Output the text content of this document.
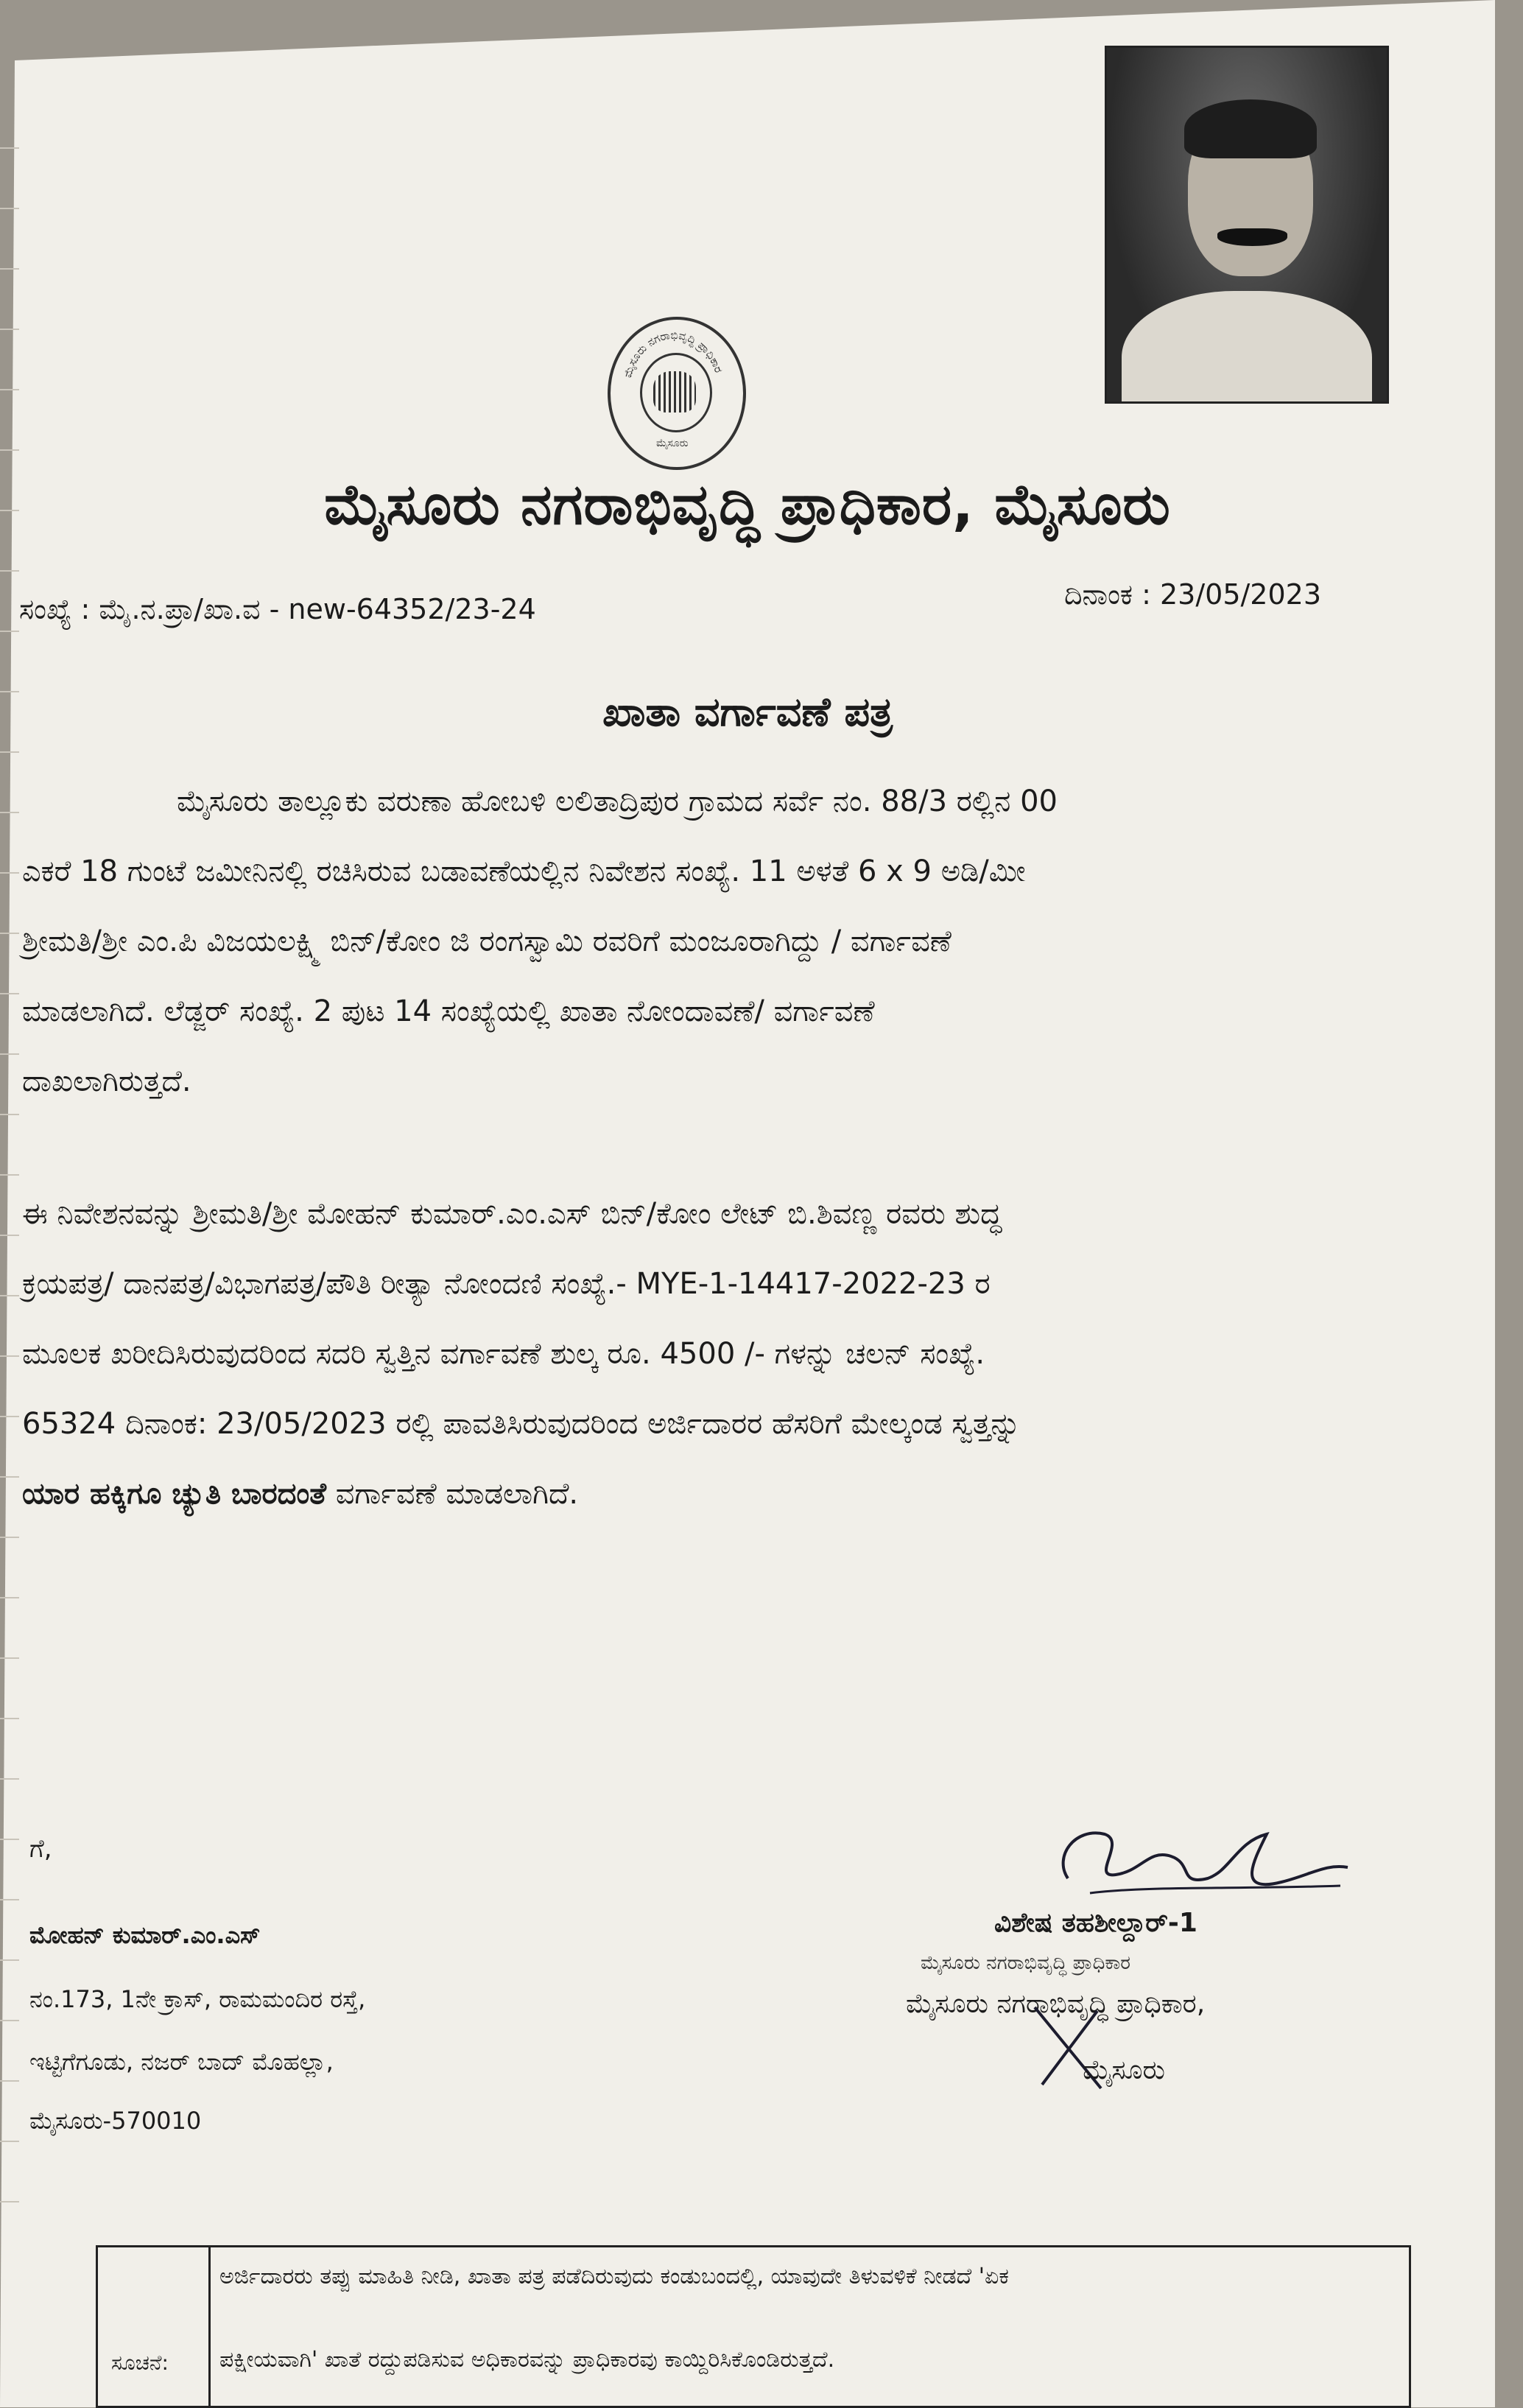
ಮೈಸೂರು ನಗರಾಭಿವೃದ್ಧಿ ಪ್ರಾಧಿಕಾರ
ಮೈಸೂರು
ಮೈಸೂರು ನಗರಾಭಿವೃದ್ಧಿ ಪ್ರಾಧಿಕಾರ, ಮೈಸೂರು
ಸಂಖ್ಯೆ : ಮೈ.ನ.ಪ್ರಾ/ಖಾ.ವ - new-64352/23-24	ದಿನಾಂಕ : 23/05/2023
ಖಾತಾ ವರ್ಗಾವಣೆ ಪತ್ರ
ಮೈಸೂರು ತಾಲ್ಲೂಕು ವರುಣಾ ಹೋಬಳಿ ಲಲಿತಾದ್ರಿಪುರ ಗ್ರಾಮದ ಸರ್ವೆ ನಂ. 88/3 ರಲ್ಲಿನ 00
ಎಕರೆ 18 ಗುಂಟೆ ಜಮೀನಿನಲ್ಲಿ ರಚಿಸಿರುವ ಬಡಾವಣೆಯಲ್ಲಿನ ನಿವೇಶನ ಸಂಖ್ಯೆ. 11 ಅಳತೆ 6 x 9 ಅಡಿ/ಮೀ
ಶ್ರೀಮತಿ/ಶ್ರೀ ಎಂ.ಪಿ ವಿಜಯಲಕ್ಷ್ಮಿ ಬಿನ್/ಕೋಂ ಜಿ ರಂಗಸ್ವಾಮಿ ರವರಿಗೆ ಮಂಜೂರಾಗಿದ್ದು / ವರ್ಗಾವಣೆ
ಮಾಡಲಾಗಿದೆ. ಲೆಡ್ಜರ್ ಸಂಖ್ಯೆ. 2 ಪುಟ 14 ಸಂಖ್ಯೆಯಲ್ಲಿ ಖಾತಾ ನೋಂದಾವಣೆ/ ವರ್ಗಾವಣೆ
ದಾಖಲಾಗಿರುತ್ತದೆ.
ಈ ನಿವೇಶನವನ್ನು ಶ್ರೀಮತಿ/ಶ್ರೀ ಮೋಹನ್ ಕುಮಾರ್.ಎಂ.ಎಸ್ ಬಿನ್/ಕೋಂ ಲೇಟ್ ಬಿ.ಶಿವಣ್ಣ ರವರು ಶುದ್ಧ
ಕ್ರಯಪತ್ರ/ ದಾನಪತ್ರ/ವಿಭಾಗಪತ್ರ/ಪೌತಿ ರೀತ್ಯಾ ನೋಂದಣಿ ಸಂಖ್ಯೆ.- MYE-1-14417-2022-23 ರ
ಮೂಲಕ ಖರೀದಿಸಿರುವುದರಿಂದ ಸದರಿ ಸ್ವತ್ತಿನ ವರ್ಗಾವಣೆ ಶುಲ್ಕ ರೂ. 4500 /- ಗಳನ್ನು ಚಲನ್ ಸಂಖ್ಯೆ.
65324 ದಿನಾಂಕ: 23/05/2023 ರಲ್ಲಿ ಪಾವತಿಸಿರುವುದರಿಂದ ಅರ್ಜಿದಾರರ ಹೆಸರಿಗೆ ಮೇಲ್ಕಂಡ ಸ್ವತ್ತನ್ನು
ಯಾರ ಹಕ್ಕಿಗೂ ಚ್ಯುತಿ ಬಾರದಂತೆ ವರ್ಗಾವಣೆ ಮಾಡಲಾಗಿದೆ.
ಗೆ,
ಮೋಹನ್ ಕುಮಾರ್.ಎಂ.ಎಸ್
ನಂ.173, 1ನೇ ಕ್ರಾಸ್, ರಾಮಮಂದಿರ ರಸ್ತೆ,
ಇಟ್ಟಿಗೆಗೂಡು, ನಜರ್ ಬಾದ್ ಮೊಹಲ್ಲಾ,
ಮೈಸೂರು-570010
ವಿಶೇಷ ತಹಶೀಲ್ದಾರ್-1
ಮೈಸೂರು ನಗರಾಭಿವೃದ್ಧಿ ಪ್ರಾಧಿಕಾರ
ಮೈಸೂರು ನಗರಾಭಿವೃದ್ಧಿ ಪ್ರಾಧಿಕಾರ,
ಮೈಸೂರು
ಸೂಚನೆ:
ಅರ್ಜಿದಾರರು ತಪ್ಪು ಮಾಹಿತಿ ನೀಡಿ, ಖಾತಾ ಪತ್ರ ಪಡೆದಿರುವುದು ಕಂಡುಬಂದಲ್ಲಿ, ಯಾವುದೇ ತಿಳುವಳಿಕೆ ನೀಡದೆ 'ಏಕ
ಪಕ್ಷೀಯವಾಗಿ' ಖಾತೆ ರದ್ದುಪಡಿಸುವ ಅಧಿಕಾರವನ್ನು ಪ್ರಾಧಿಕಾರವು ಕಾಯ್ದಿರಿಸಿಕೊಂಡಿರುತ್ತದೆ.
